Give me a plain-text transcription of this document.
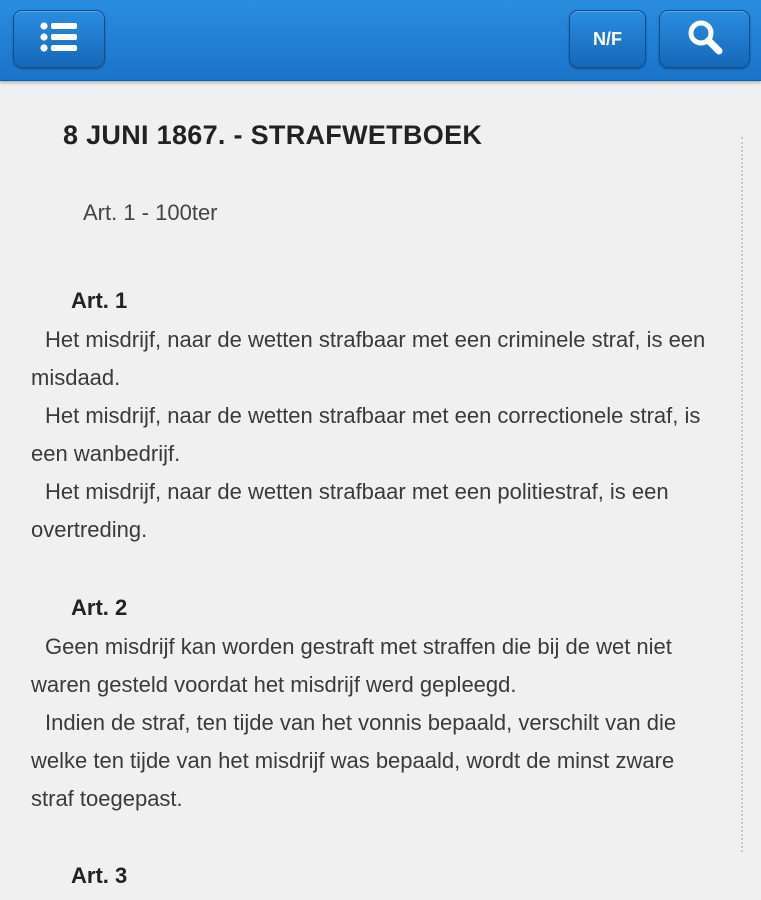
N/F
8 JUNI 1867. - STRAFWETBOEK
Art. 1 - 100ter
Art. 1

Het misdrijf, naar de wetten strafbaar met een criminele straf, is een misdaad.

Het misdrijf, naar de wetten strafbaar met een correctionele straf, is een wanbedrijf.

Het misdrijf, naar de wetten strafbaar met een politiestraf, is een overtreding.

Art. 2

Geen misdrijf kan worden gestraft met straffen die bij de wet niet waren gesteld voordat het misdrijf werd gepleegd.

Indien de straf, ten tijde van het vonnis bepaald, verschilt van die welke ten tijde van het misdrijf was bepaald, wordt de minst zware straf toegepast.

Art. 3
